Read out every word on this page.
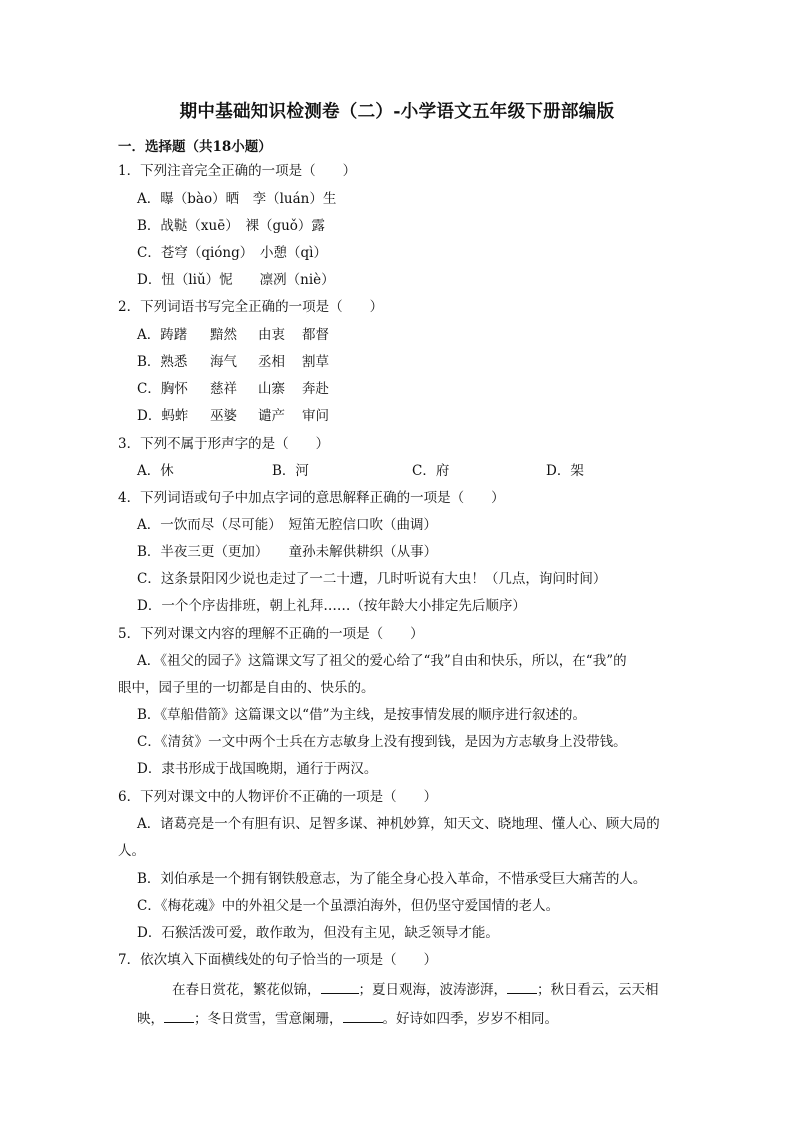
期中基础知识检测卷（二）-小学语文五年级下册部编版
一．选择题（共18小题）
1．下列注音完全正确的一项是（　　）
A．曝（bào）晒　孪（luán）生
B．战鞑（xuē）　裸（guǒ）露
C．苍穹（qióng）　小憩（qì）
D．忸（liǔ）怩　　凛冽（niè）
2．下列词语书写完全正确的一项是（　　）
A．踌躇 黯然 由衷 都督
B．熟悉 海气 丞相 割草
C．胸怀 慈祥 山寨 奔赴
D．蚂蚱 巫婆 谴产 审问
3．下列不属于形声字的是（　　）
A．休	B．河	C．府	D．架
4．下列词语或句子中加点字词的意思解释正确的一项是（　　）
A．一饮而尽（尽可能）　短笛无腔信口吹（曲调）
B．半夜三更（更加）　　童孙未解供耕织（从事）
C．这条景阳冈少说也走过了一二十遭，几时听说有大虫！（几点，询问时间）
D．一个个序齿排班，朝上礼拜……（按年龄大小排定先后顺序）
5．下列对课文内容的理解不正确的一项是（　　）
A．《祖父的园子》这篇课文写了祖父的爱心给了“我”自由和快乐，所以，在“我”的
眼中，园子里的一切都是自由的、快乐的。
B．《草船借箭》这篇课文以“借”为主线，是按事情发展的顺序进行叙述的。
C．《清贫》一文中两个士兵在方志敏身上没有搜到钱，是因为方志敏身上没带钱。
D．隶书形成于战国晚期，通行于两汉。
6．下列对课文中的人物评价不正确的一项是（　　）
A．诸葛亮是一个有胆有识、足智多谋、神机妙算，知天文、晓地理、懂人心、顾大局的
人。
B．刘伯承是一个拥有钢铁般意志，为了能全身心投入革命，不惜承受巨大痛苦的人。
C．《梅花魂》中的外祖父是一个虽漂泊海外，但仍坚守爱国情的老人。
D．石猴活泼可爱，敢作敢为，但没有主见，缺乏领导才能。
7．依次填入下面横线处的句子恰当的一项是（　　）
在春日赏花，繁花似锦，	；夏日观海，波涛澎湃， ；秋日看云，云天相
映， ；冬日赏雪，雪意阑珊，	。好诗如四季，岁岁不相同。
